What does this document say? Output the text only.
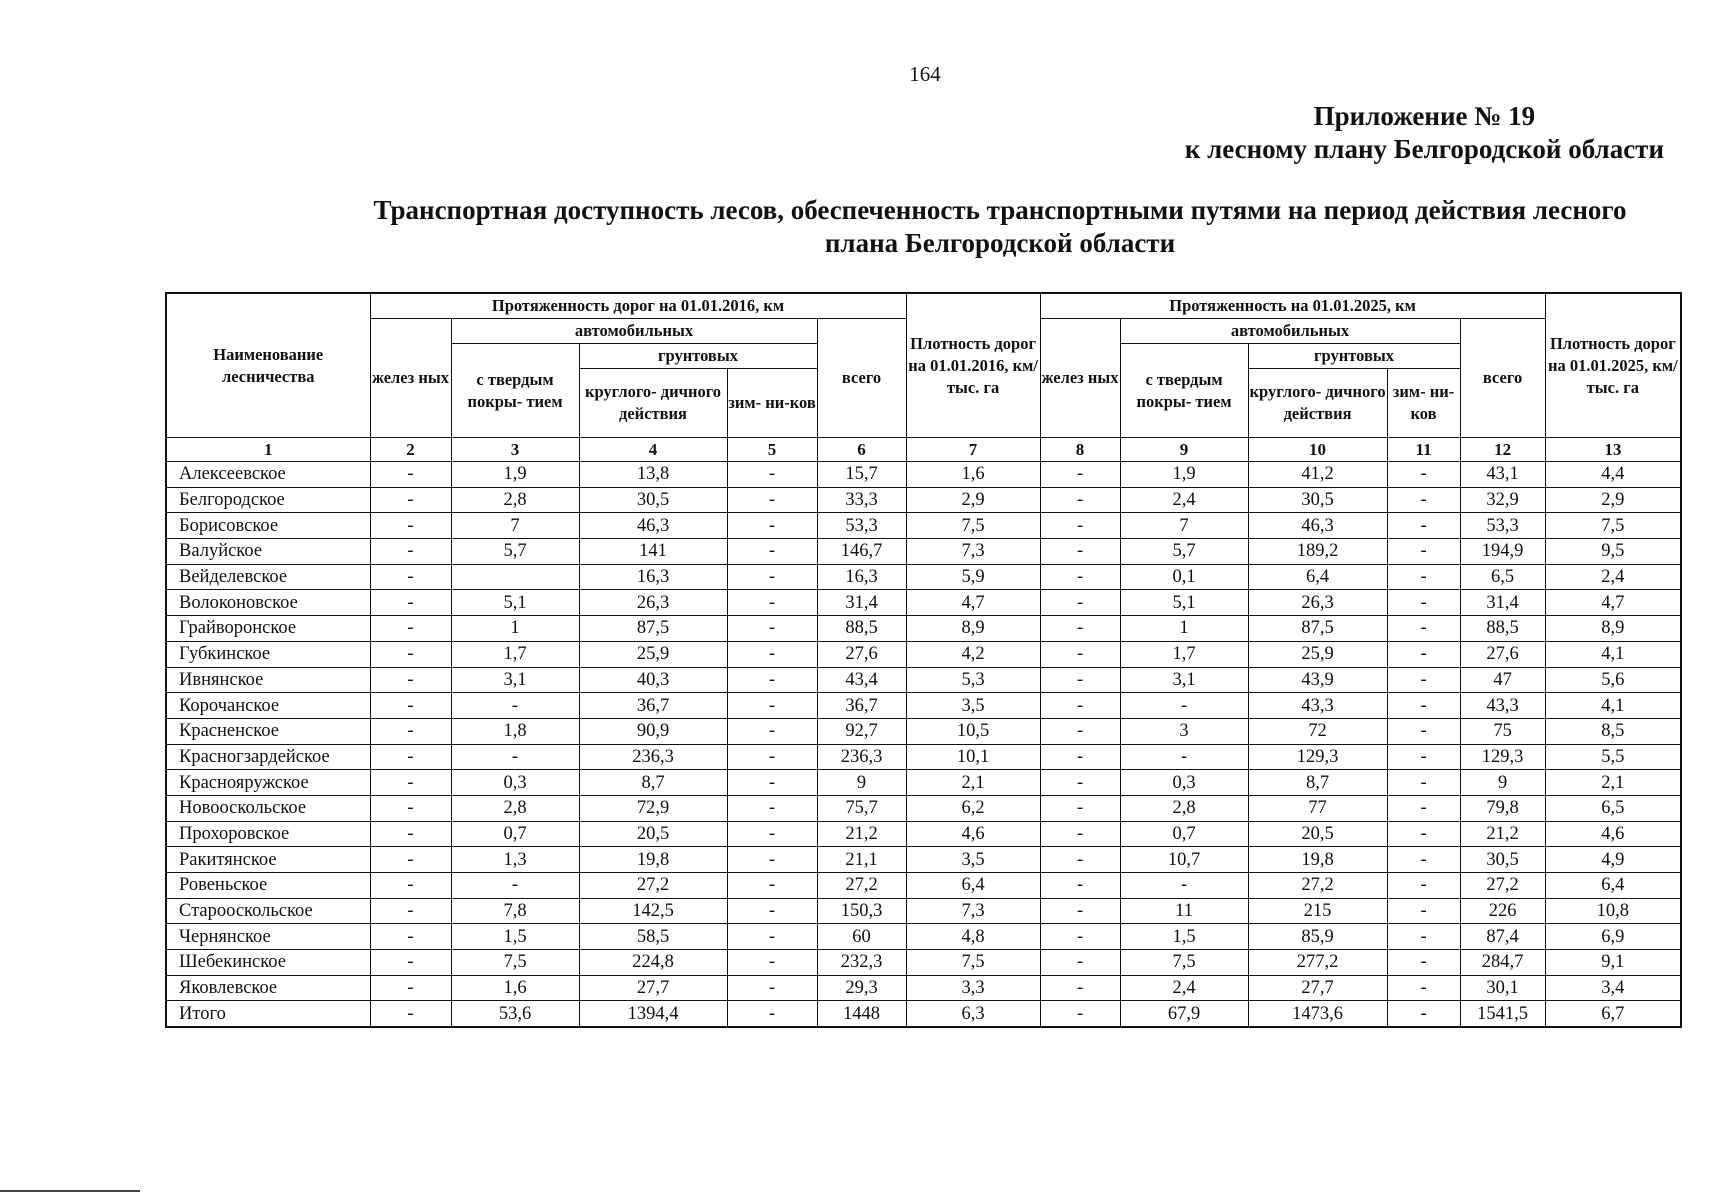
164
Приложение № 19
к лесному плану Белгородской области
Транспортная доступность лесов, обеспеченность транспортными путями на период действия лесного
плана Белгородской области
Наименование лесничества	Протяженность дорог на 01.01.2016, км					Плотность дорог на 01.01.2016, км/тыс. га	Протяженность на 01.01.2025, км					Плотность дорог на 01.01.2025, км/тыс. га
	желез ных	автомобильных			всего		желез ных	автомобильных			всего	
		с твердым покры- тием	грунтовых					с твердым покры- тием	грунтовых			
			круглого- дичного действия	зим- ни-ков					круглого- дичного действия	зим- ни- ков		
1	2	3	4	5	6	7	8	9	10	11	12	13
Алексеевское	-	1,9	13,8	-	15,7	1,6	-	1,9	41,2	-	43,1	4,4
Белгородское	-	2,8	30,5	-	33,3	2,9	-	2,4	30,5	-	32,9	2,9
Борисовское	-	7	46,3	-	53,3	7,5	-	7	46,3	-	53,3	7,5
Валуйское	-	5,7	141	-	146,7	7,3	-	5,7	189,2	-	194,9	9,5
Вейделевское	-		16,3	-	16,3	5,9	-	0,1	6,4	-	6,5	2,4
Волоконовское	-	5,1	26,3	-	31,4	4,7	-	5,1	26,3	-	31,4	4,7
Грайворонское	-	1	87,5	-	88,5	8,9	-	1	87,5	-	88,5	8,9
Губкинское	-	1,7	25,9	-	27,6	4,2	-	1,7	25,9	-	27,6	4,1
Ивнянское	-	3,1	40,3	-	43,4	5,3	-	3,1	43,9	-	47	5,6
Корочанское	-	-	36,7	-	36,7	3,5	-	-	43,3	-	43,3	4,1
Красненское	-	1,8	90,9	-	92,7	10,5	-	3	72	-	75	8,5
Красногзардейское	-	-	236,3	-	236,3	10,1	-	-	129,3	-	129,3	5,5
Краснояружское	-	0,3	8,7	-	9	2,1	-	0,3	8,7	-	9	2,1
Новооскольское	-	2,8	72,9	-	75,7	6,2	-	2,8	77	-	79,8	6,5
Прохоровское	-	0,7	20,5	-	21,2	4,6	-	0,7	20,5	-	21,2	4,6
Ракитянское	-	1,3	19,8	-	21,1	3,5	-	10,7	19,8	-	30,5	4,9
Ровеньское	-	-	27,2	-	27,2	6,4	-	-	27,2	-	27,2	6,4
Старооскольское	-	7,8	142,5	-	150,3	7,3	-	11	215	-	226	10,8
Чернянское	-	1,5	58,5	-	60	4,8	-	1,5	85,9	-	87,4	6,9
Шебекинское	-	7,5	224,8	-	232,3	7,5	-	7,5	277,2	-	284,7	9,1
Яковлевское	-	1,6	27,7	-	29,3	3,3	-	2,4	27,7	-	30,1	3,4
Итого	-	53,6	1394,4	-	1448	6,3	-	67,9	1473,6	-	1541,5	6,7
